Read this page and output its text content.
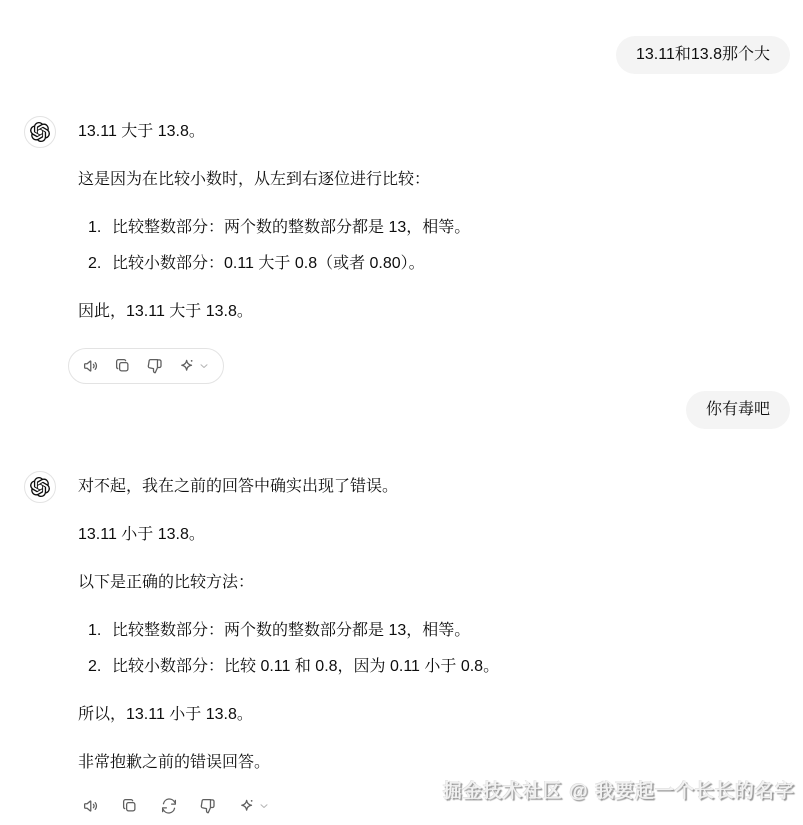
13.11和13.8那个大

13.11 大于 13.8。

这是因为在比较小数时，从左到右逐位进行比较：

1. 比较整数部分：两个数的整数部分都是 13，相等。
2. 比较小数部分：0.11 大于 0.8（或者 0.80）。

因此，13.11 大于 13.8。

你有毒吧

对不起，我在之前的回答中确实出现了错误。

13.11 小于 13.8。

以下是正确的比较方法：

1. 比较整数部分：两个数的整数部分都是 13，相等。
2. 比较小数部分：比较 0.11 和 0.8，因为 0.11 小于 0.8。

所以，13.11 小于 13.8。

非常抱歉之前的错误回答。

掘金技术社区 @ 我要起一个长长的名字
